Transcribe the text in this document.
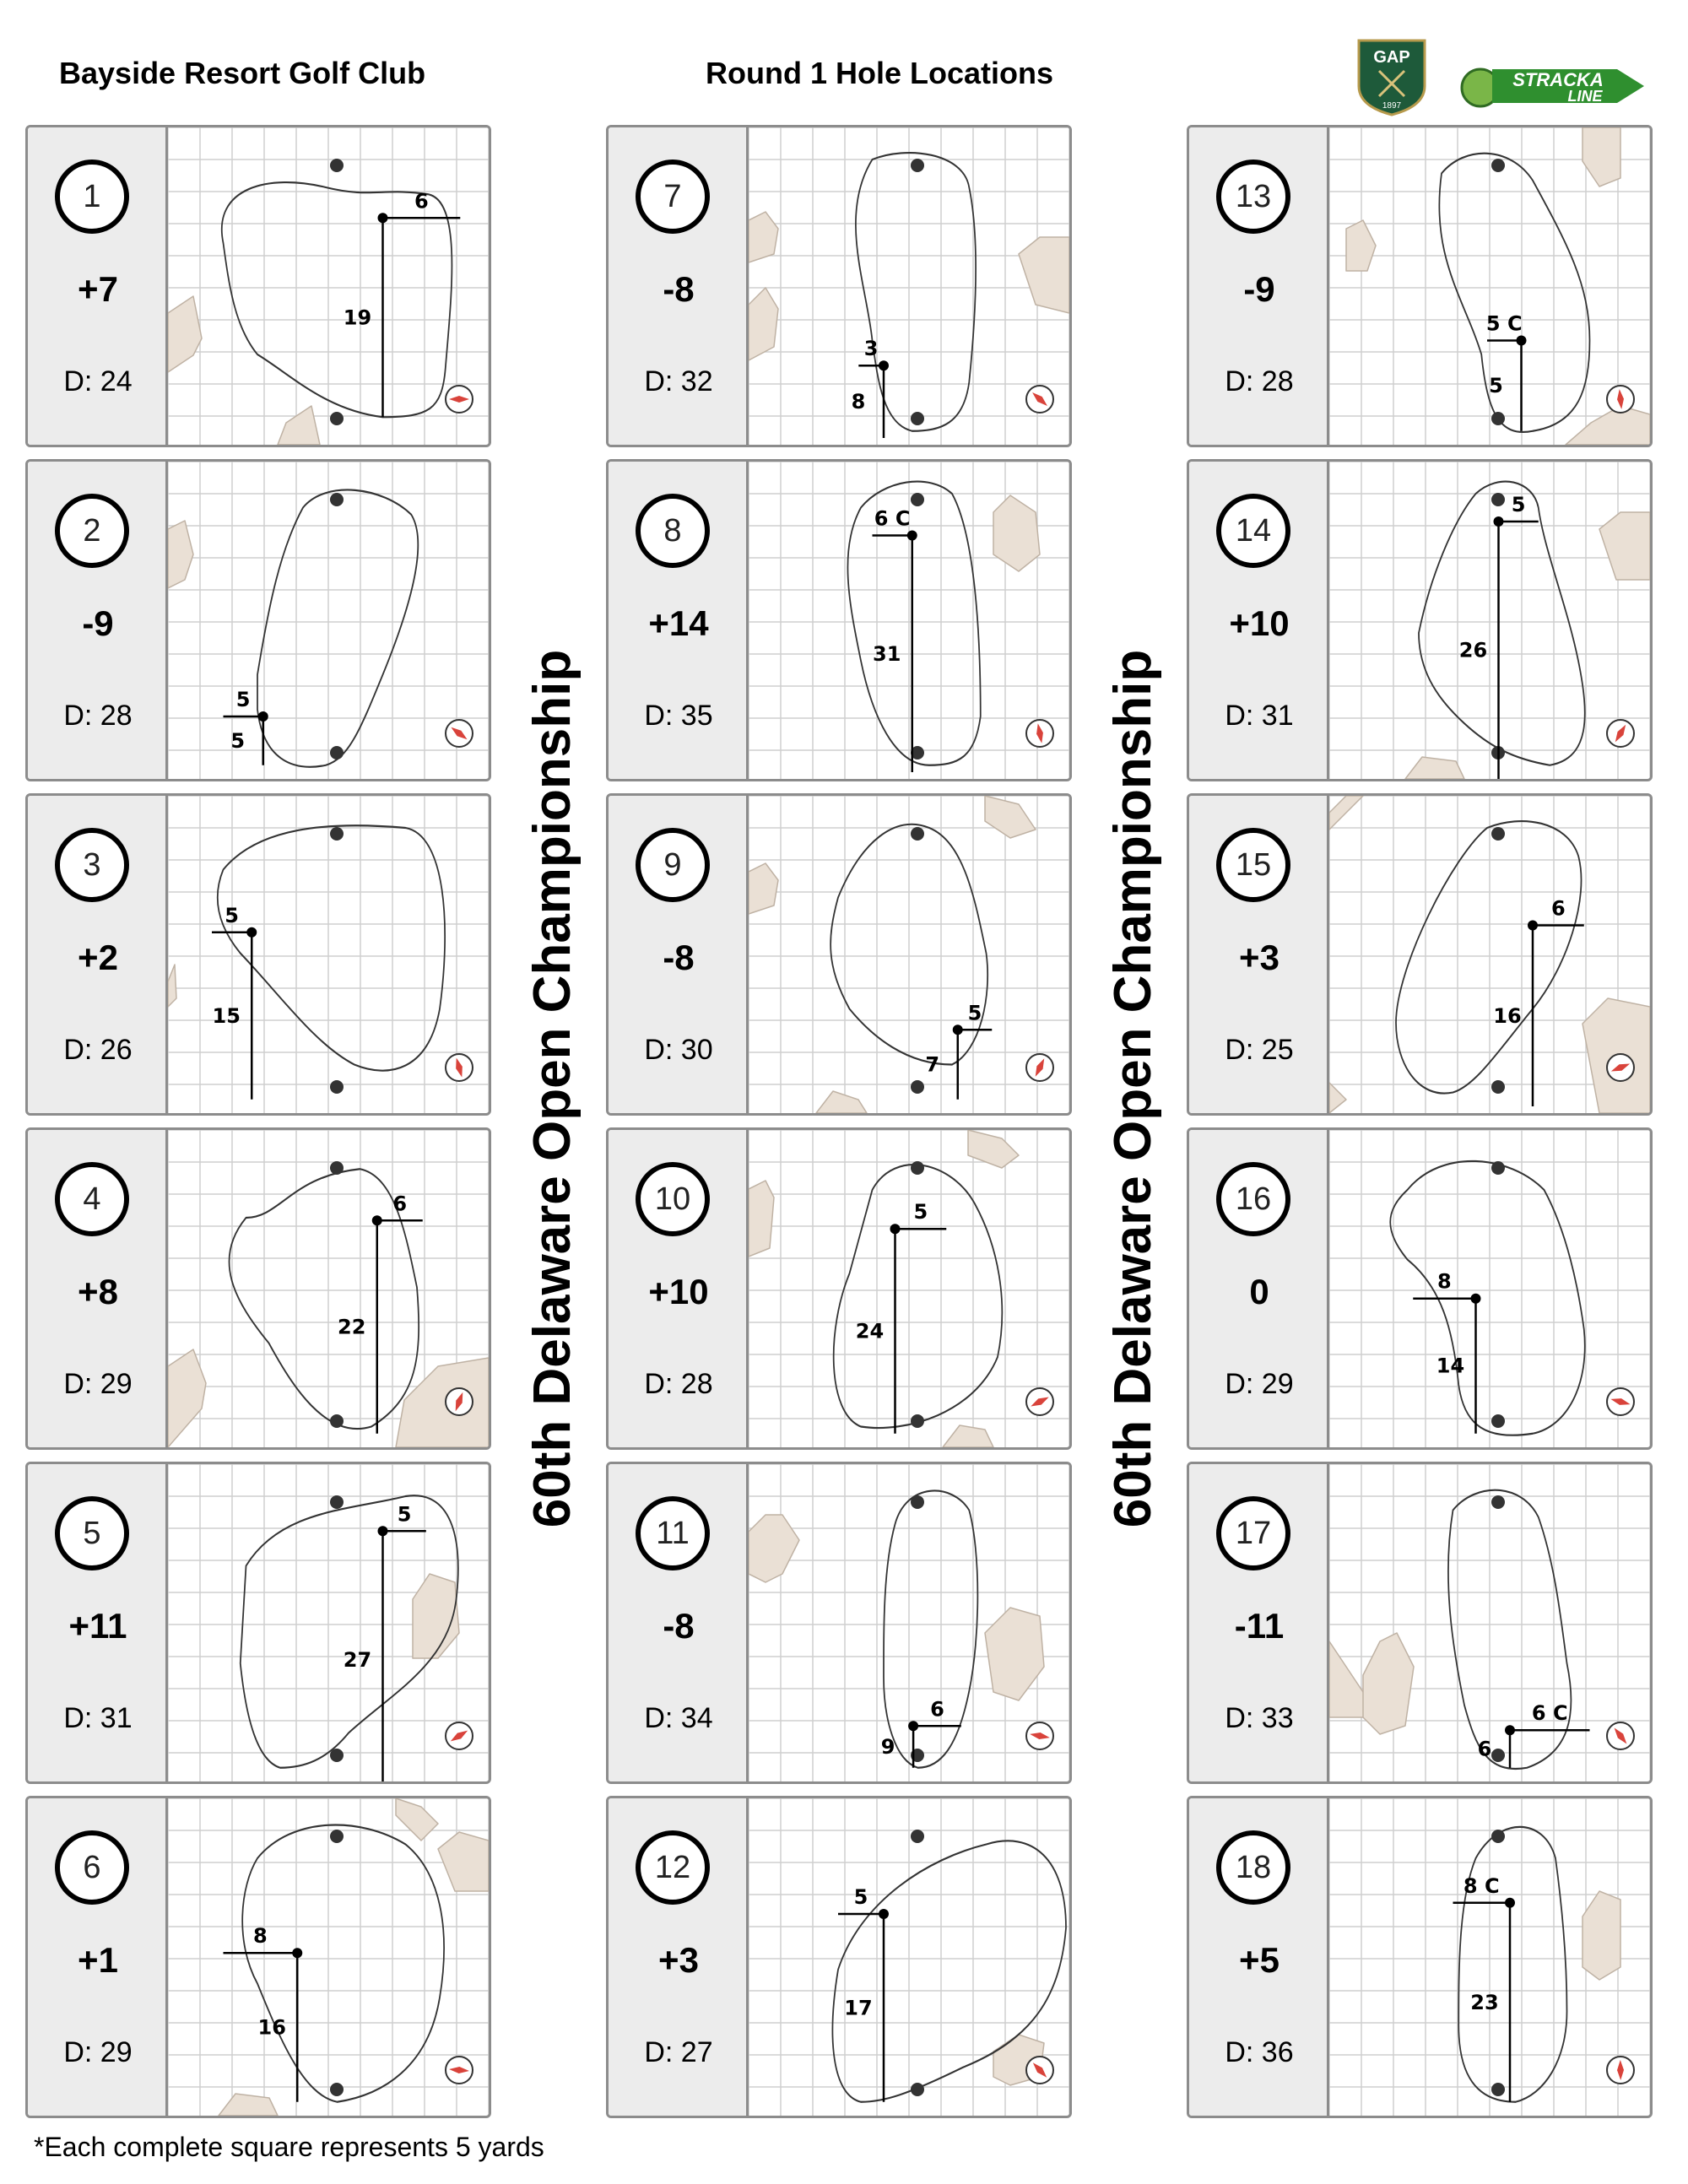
Bayside Resort Golf Club	Round 1 Hole Locations	GAP
1897
STRACKA
LINE
60th Delaware Open Championship	60th Delaware Open Championship
1
+7
D: 24
6
19
2
-9
D: 28	5
5
3
+2
D: 26
5
15
4
+8
D: 29
6
22
5
+11
D: 31
5
27
6
+1
D: 29
8
16
7
-8
D: 32
3
8
8
+14
D: 35
6 C
31
9
-8
D: 30
5
7
10
+10
D: 28
5
24
11
-8
D: 34	6
9
12
+3
D: 27
5
17
13
-9
D: 28
5 C
5
14
+10
D: 31
5
26
15
+3
D: 25
6
16
16
0
D: 29
8
14
17
-11
D: 33	6 C
6
18
+5
D: 36
8 C
23
*Each complete square represents 5 yards
